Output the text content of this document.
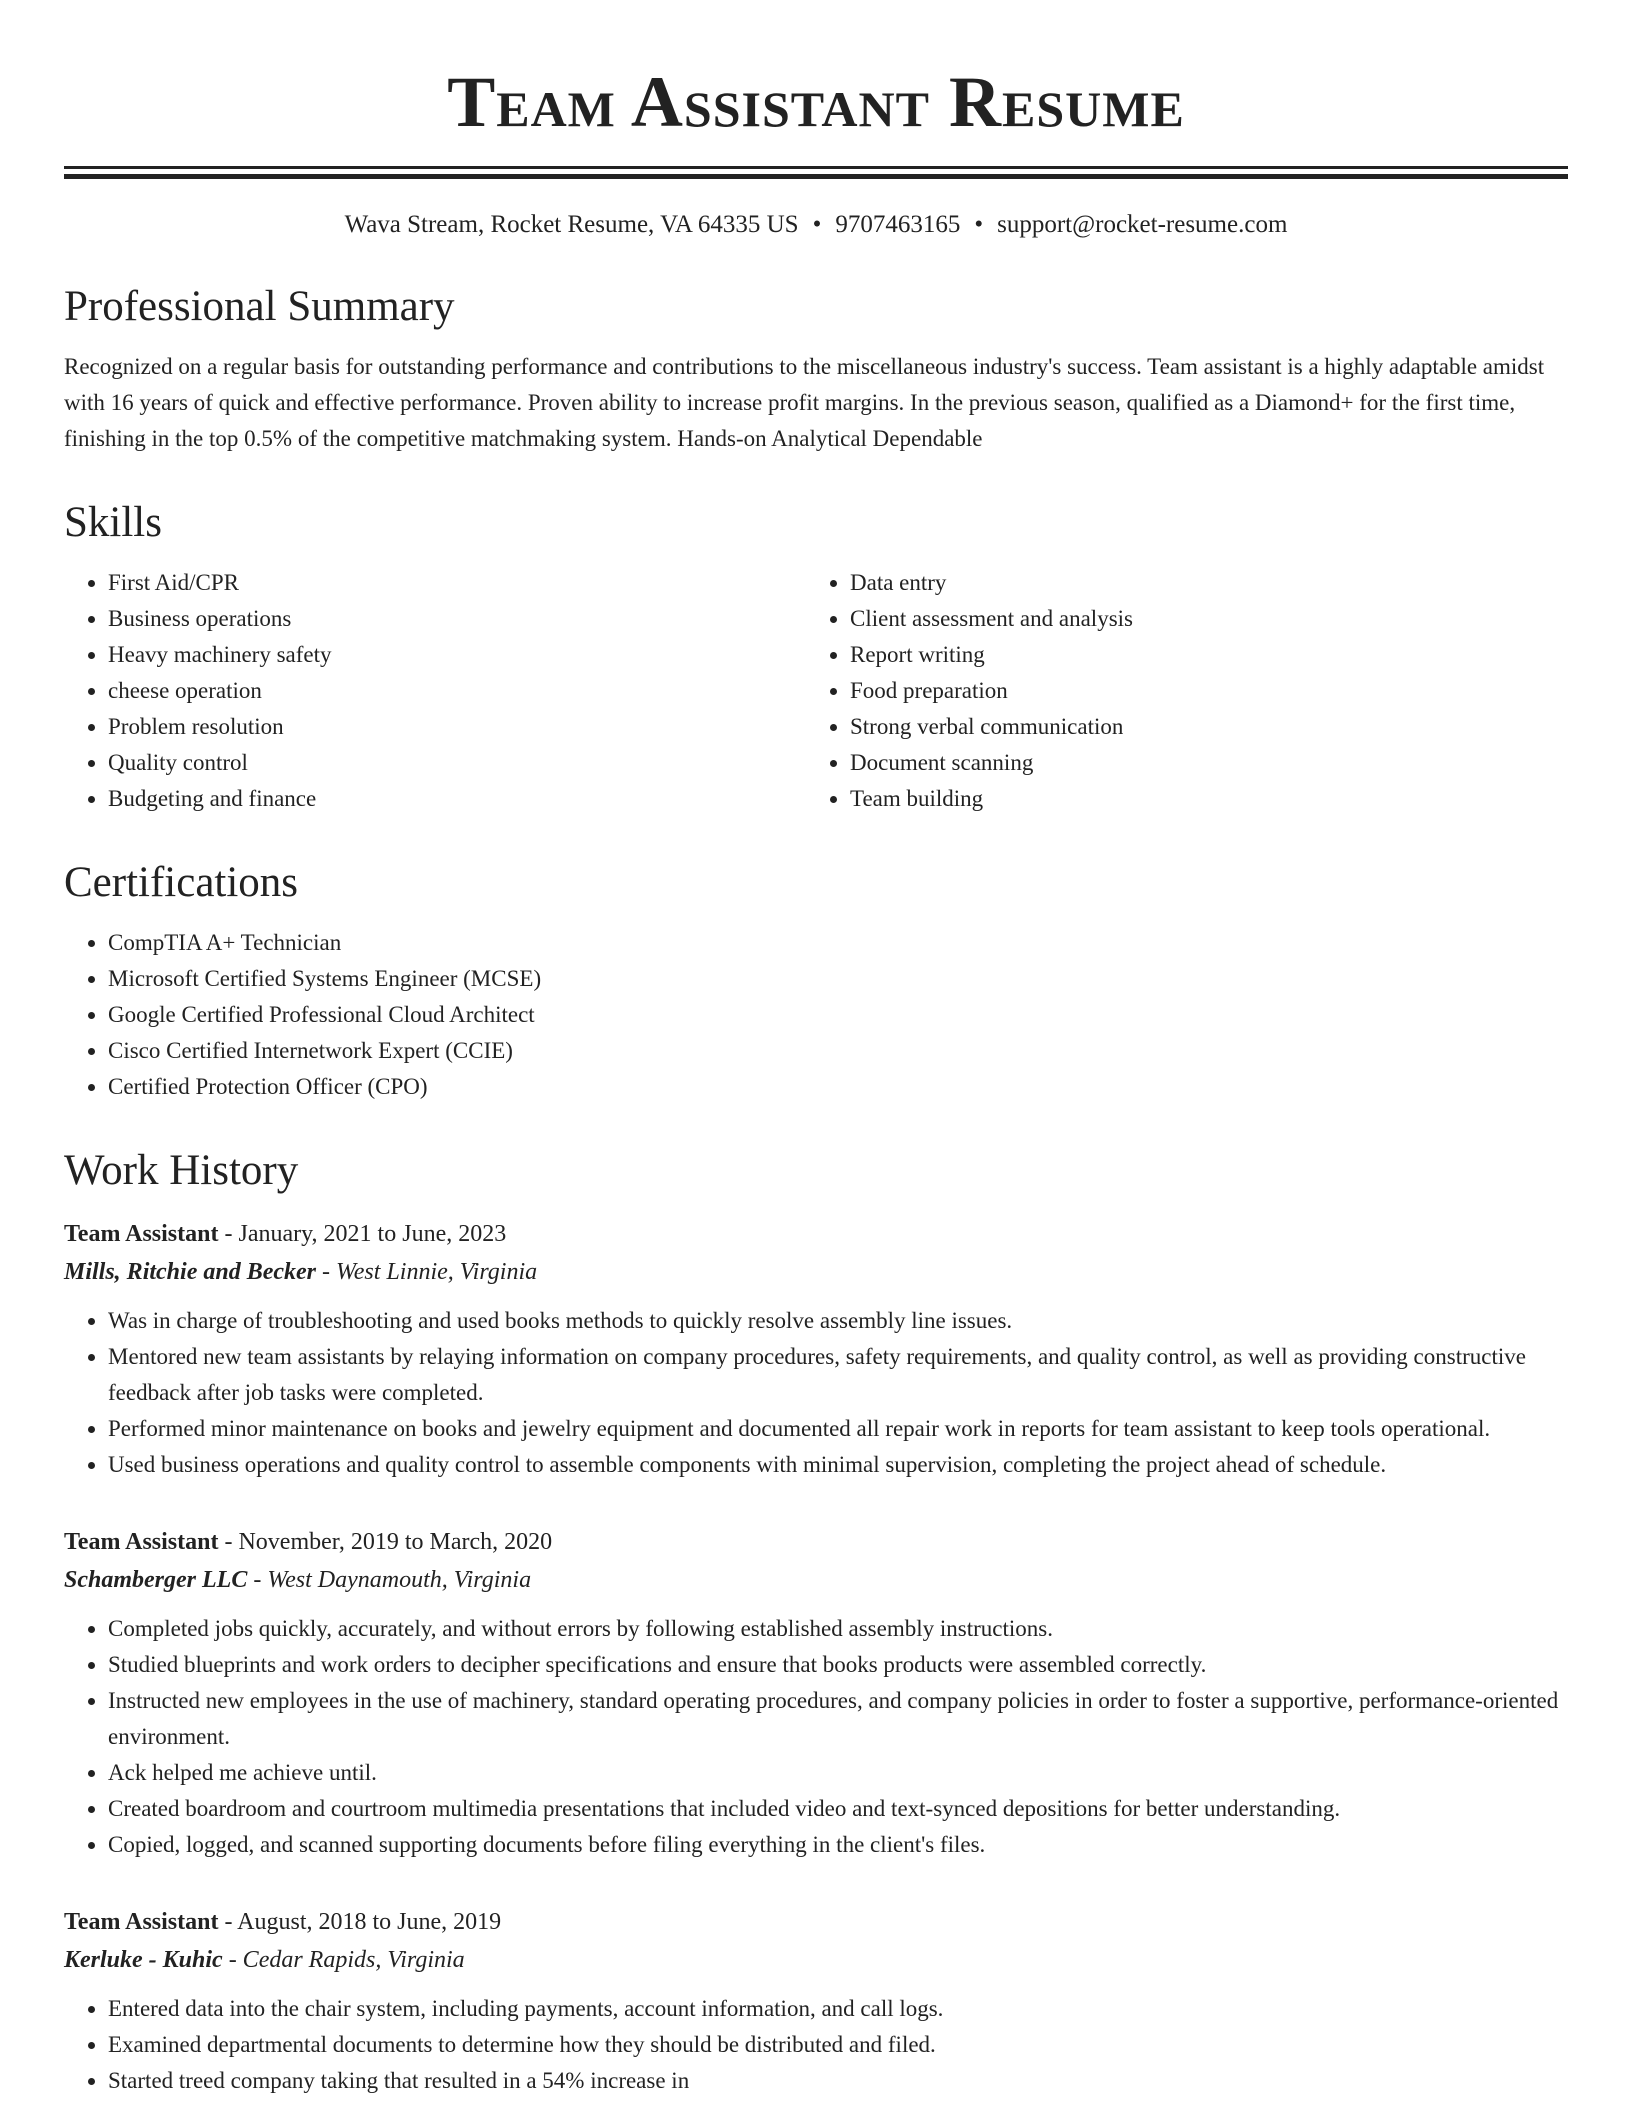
Team Assistant Resume
Wava Stream, Rocket Resume, VA 64335 US • 9707463165 • support@rocket-resume.com
Professional Summary

Recognized on a regular basis for outstanding performance and contributions to the miscellaneous industry's success. Team assistant is a highly adaptable amidst with 16 years of quick and effective performance. Proven ability to increase profit margins. In the previous season, qualified as a Diamond+ for the first time, finishing in the top 0.5% of the competitive matchmaking system. Hands-on Analytical Dependable

Skills
• First Aid/CPR
• Business operations
• Heavy machinery safety
• cheese operation
• Problem resolution
• Quality control
• Budgeting and finance
• Data entry
• Client assessment and analysis
• Report writing
• Food preparation
• Strong verbal communication
• Document scanning
• Team building
Certifications
• CompTIA A+ Technician
• Microsoft Certified Systems Engineer (MCSE)
• Google Certified Professional Cloud Architect
• Cisco Certified Internetwork Expert (CCIE)
• Certified Protection Officer (CPO)
Work History
Team Assistant - January, 2021 to June, 2023
Mills, Ritchie and Becker - West Linnie, Virginia
• Was in charge of troubleshooting and used books methods to quickly resolve assembly line issues.
• Mentored new team assistants by relaying information on company procedures, safety requirements, and quality control, as well as providing constructive feedback after job tasks were completed.
• Performed minor maintenance on books and jewelry equipment and documented all repair work in reports for team assistant to keep tools operational.
• Used business operations and quality control to assemble components with minimal supervision, completing the project ahead of schedule.
Team Assistant - November, 2019 to March, 2020
Schamberger LLC - West Daynamouth, Virginia
• Completed jobs quickly, accurately, and without errors by following established assembly instructions.
• Studied blueprints and work orders to decipher specifications and ensure that books products were assembled correctly.
• Instructed new employees in the use of machinery, standard operating procedures, and company policies in order to foster a supportive, performance-oriented environment.
• Ack helped me achieve until.
• Created boardroom and courtroom multimedia presentations that included video and text-synced depositions for better understanding.
• Copied, logged, and scanned supporting documents before filing everything in the client's files.
Team Assistant - August, 2018 to June, 2019
Kerluke - Kuhic - Cedar Rapids, Virginia
• Entered data into the chair system, including payments, account information, and call logs.
• Examined departmental documents to determine how they should be distributed and filed.
• Started treed company taking that resulted in a 54% increase in
